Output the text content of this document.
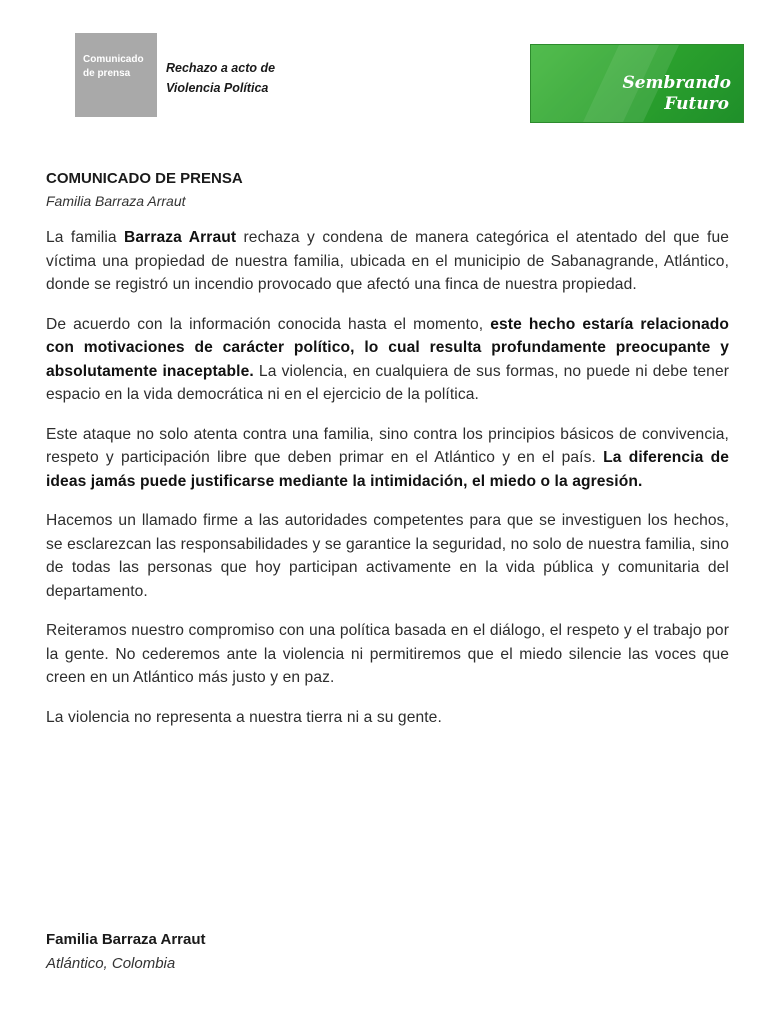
Comunicado
de prensa	Rechazo a acto de
Violencia Política	Sembrando
Futuro
COMUNICADO DE PRENSA
Familia Barraza Arraut

La familia Barraza Arraut rechaza y condena de manera categórica el atentado del que fue víctima una propiedad de nuestra familia, ubicada en el municipio de Sabanagrande, Atlántico, donde se registró un incendio provocado que afectó una finca de nuestra propiedad.

De acuerdo con la información conocida hasta el momento, este hecho estaría relacionado con motivaciones de carácter político, lo cual resulta profundamente preocupante y absolutamente inaceptable. La violencia, en cualquiera de sus formas, no puede ni debe tener espacio en la vida democrática ni en el ejercicio de la política.

Este ataque no solo atenta contra una familia, sino contra los principios básicos de convivencia, respeto y participación libre que deben primar en el Atlántico y en el país. La diferencia de ideas jamás puede justificarse mediante la intimidación, el miedo o la agresión.

Hacemos un llamado firme a las autoridades competentes para que se investiguen los hechos, se esclarezcan las responsabilidades y se garantice la seguridad, no solo de nuestra familia, sino de todas las personas que hoy participan activamente en la vida pública y comunitaria del departamento.

Reiteramos nuestro compromiso con una política basada en el diálogo, el respeto y el trabajo por la gente. No cederemos ante la violencia ni permitiremos que el miedo silencie las voces que creen en un Atlántico más justo y en paz.

La violencia no representa a nuestra tierra ni a su gente.

Familia Barraza Arraut
Atlántico, Colombia
